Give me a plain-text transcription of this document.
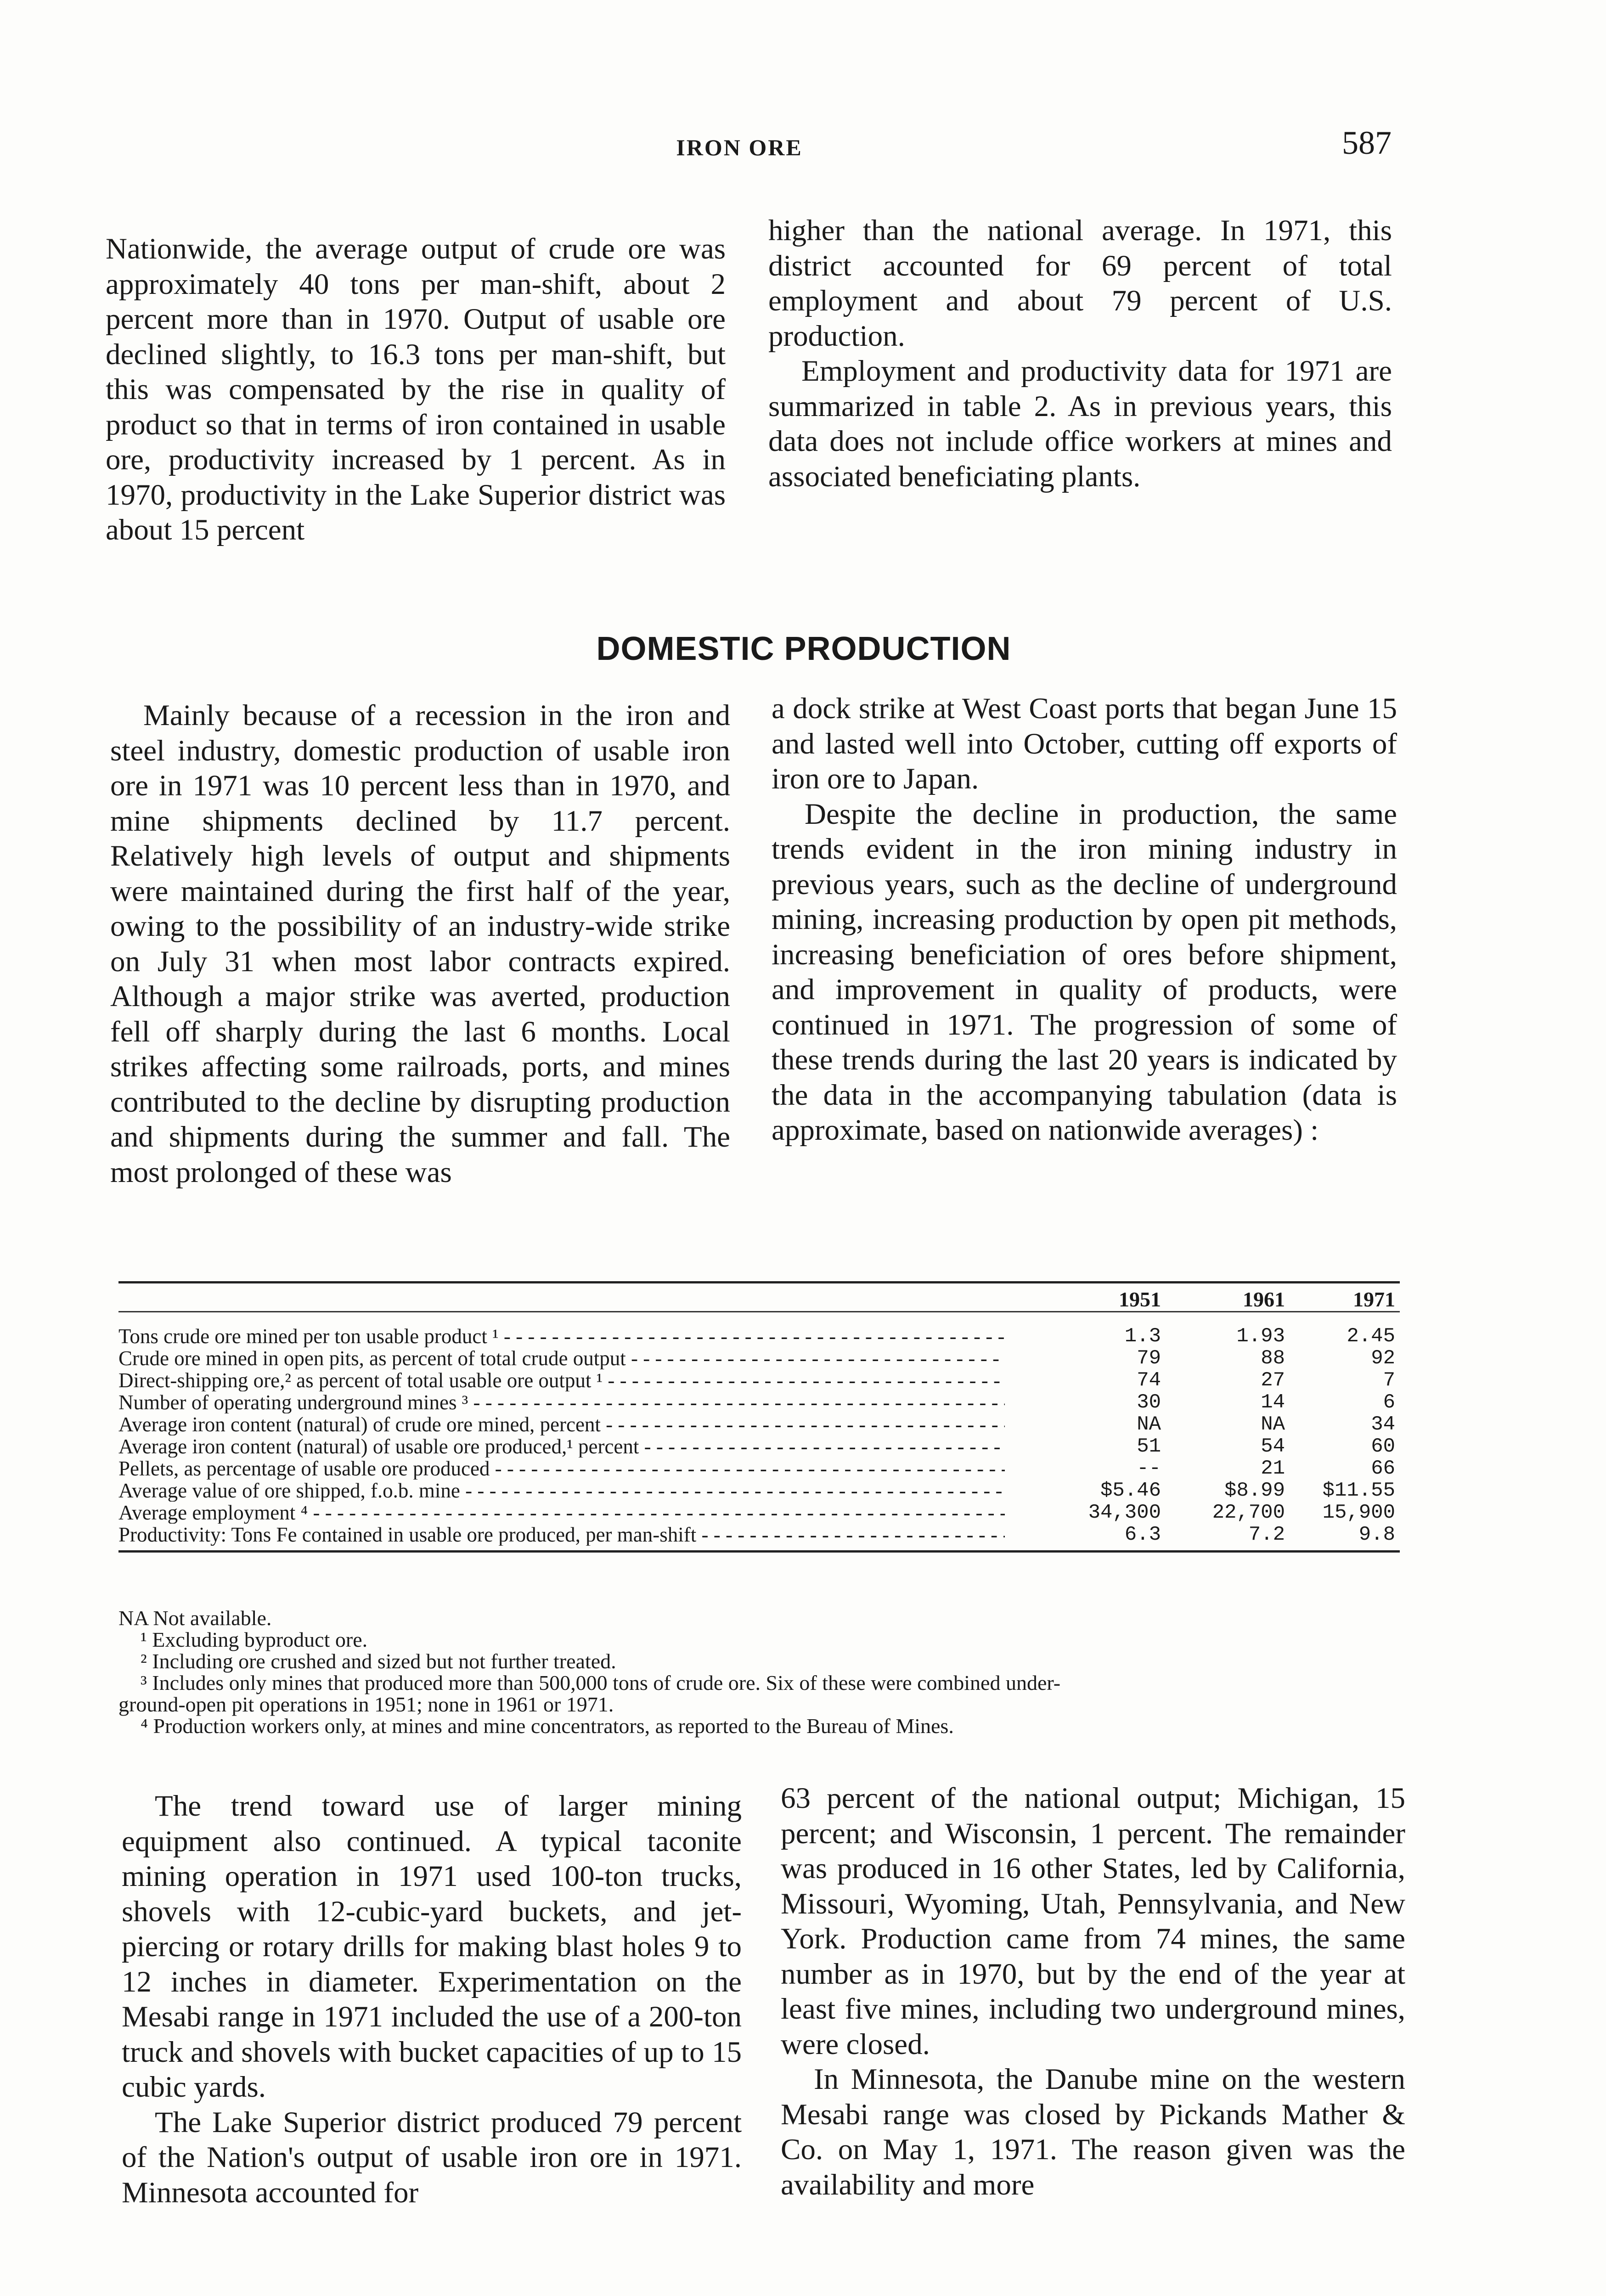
IRON ORE	587

Nationwide, the average output of crude ore was approximately 40 tons per man-shift, about 2 percent more than in 1970. Output of usable ore declined slightly, to 16.3 tons per man-shift, but this was compensated by the rise in quality of product so that in terms of iron contained in usable ore, productivity increased by 1 percent. As in 1970, productivity in the Lake Superior district was about 15 percent

higher than the national average. In 1971, this district accounted for 69 percent of total employment and about 79 percent of U.S. production.

Employment and productivity data for 1971 are summarized in table 2. As in previous years, this data does not include office workers at mines and associated beneficiating plants.

DOMESTIC PRODUCTION

Mainly because of a recession in the iron and steel industry, domestic production of usable iron ore in 1971 was 10 percent less than in 1970, and mine shipments declined by 11.7 percent. Relatively high levels of output and shipments were maintained during the first half of the year, owing to the possibility of an industry-wide strike on July 31 when most labor contracts expired. Although a major strike was averted, production fell off sharply during the last 6 months. Local strikes affecting some railroads, ports, and mines contributed to the decline by disrupting production and shipments during the summer and fall. The most prolonged of these was

a dock strike at West Coast ports that began June 15 and lasted well into October, cutting off exports of iron ore to Japan.

Despite the decline in production, the same trends evident in the iron mining industry in previous years, such as the decline of underground mining, increasing production by open pit methods, increasing beneficiation of ores before shipment, and improvement in quality of products, were continued in 1971. The progression of some of these trends during the last 20 years is indicated by the data in the accompanying tabulation (data is approximate, based on nationwide averages) :

1951	1961	1971
Tons crude ore mined per ton usable product ¹ - - -	1.3	1.93	2.45
Crude ore mined in open pits, as percent of total crude output - - -	79	88	92
Direct-shipping ore,² as percent of total usable ore output ¹ - - -	74	27	7
Number of operating underground mines ³ - - -	30	14	6
Average iron content (natural) of crude ore mined, percent - - -	NA	NA	34
Average iron content (natural) of usable ore produced,¹ percent - - -	51	54	60
Pellets, as percentage of usable ore produced - - -	--	21	66
Average value of ore shipped, f.o.b. mine - - -	$5.46	$8.99	$11.55
Average employment ⁴ - - -	34,300	22,700	15,900
Productivity: Tons Fe contained in usable ore produced, per man-shift - - -	6.3	7.2	9.8
NA Not available.
¹ Excluding byproduct ore.
² Including ore crushed and sized but not further treated.
³ Includes only mines that produced more than 500,000 tons of crude ore. Six of these were combined under-
ground-open pit operations in 1951; none in 1961 or 1971.
⁴ Production workers only, at mines and mine concentrators, as reported to the Bureau of Mines.

The trend toward use of larger mining equipment also continued. A typical taconite mining operation in 1971 used 100-ton trucks, shovels with 12-cubic-yard buckets, and jet-piercing or rotary drills for making blast holes 9 to 12 inches in diameter. Experimentation on the Mesabi range in 1971 included the use of a 200-ton truck and shovels with bucket capacities of up to 15 cubic yards.

The Lake Superior district produced 79 percent of the Nation's output of usable iron ore in 1971. Minnesota accounted for

63 percent of the national output; Michigan, 15 percent; and Wisconsin, 1 percent. The remainder was produced in 16 other States, led by California, Missouri, Wyoming, Utah, Pennsylvania, and New York. Production came from 74 mines, the same number as in 1970, but by the end of the year at least five mines, including two underground mines, were closed.

In Minnesota, the Danube mine on the western Mesabi range was closed by Pickands Mather & Co. on May 1, 1971. The reason given was the availability and more
